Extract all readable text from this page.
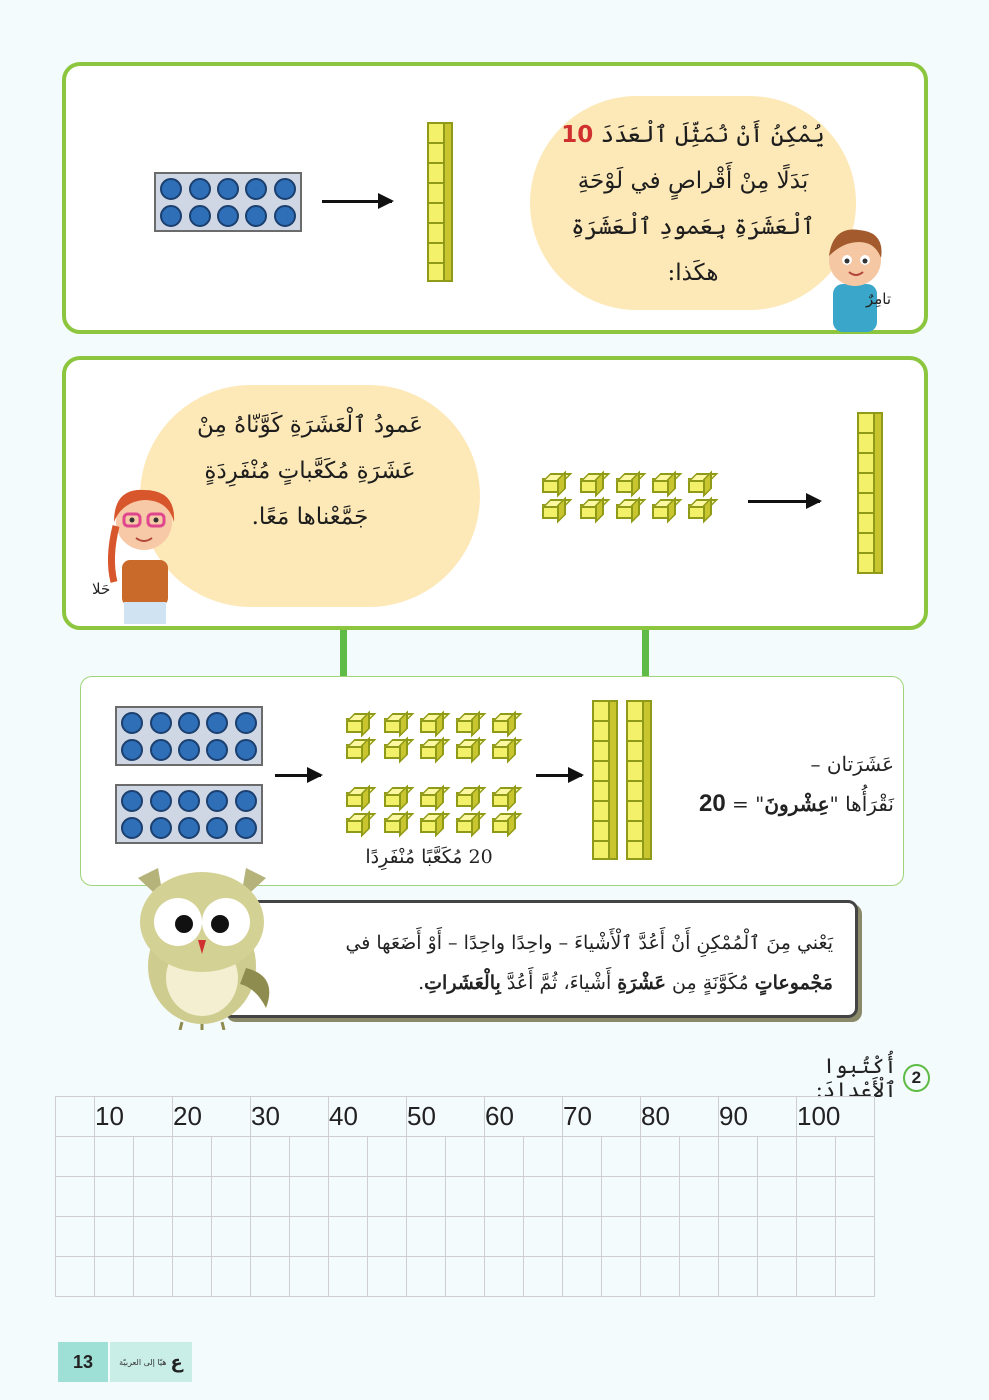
يُمْكِنُ أَنْ نُمَثِّلَ ٱلْعَدَدَ 10
بَدَلًا مِنْ أَقْراصٍ في لَوْحَةِ
ٱلْعَشَرَةِ بِعَمودِ ٱلْعَشَرَةِ
هكَذا:
تامِرٌ
عَمودُ ٱلْعَشَرَةِ كَوَّنّاهُ مِنْ
عَشَرَةِ مُكَعَّباتٍ مُنْفَرِدَةٍ
جَمَّعْناها مَعًا.
حَلا
20 مُكَعَّبًا مُنْفَرِدًا
عَشَرَتان –
نَقْرَأُها "عِشْرونَ" = 20
يَعْني مِنَ ٱلْمُمْكِنِ أَنْ أَعُدَّ ٱلْأَشْياءَ – واحِدًا واحِدًا – أَوْ أَضَعَها في
مَجْموعاتٍ مُكَوَّنَةٍ مِن عَشْرَةِ أَشْياءَ، ثُمَّ أَعُدَّ بِالْعَشَراتِ.
2
أُكْتُبوا ٱلْأَعْدادَ:
	10		20		30		40		50		60		70		80		90		100	

13	هيّا إلى العربيّة ع
